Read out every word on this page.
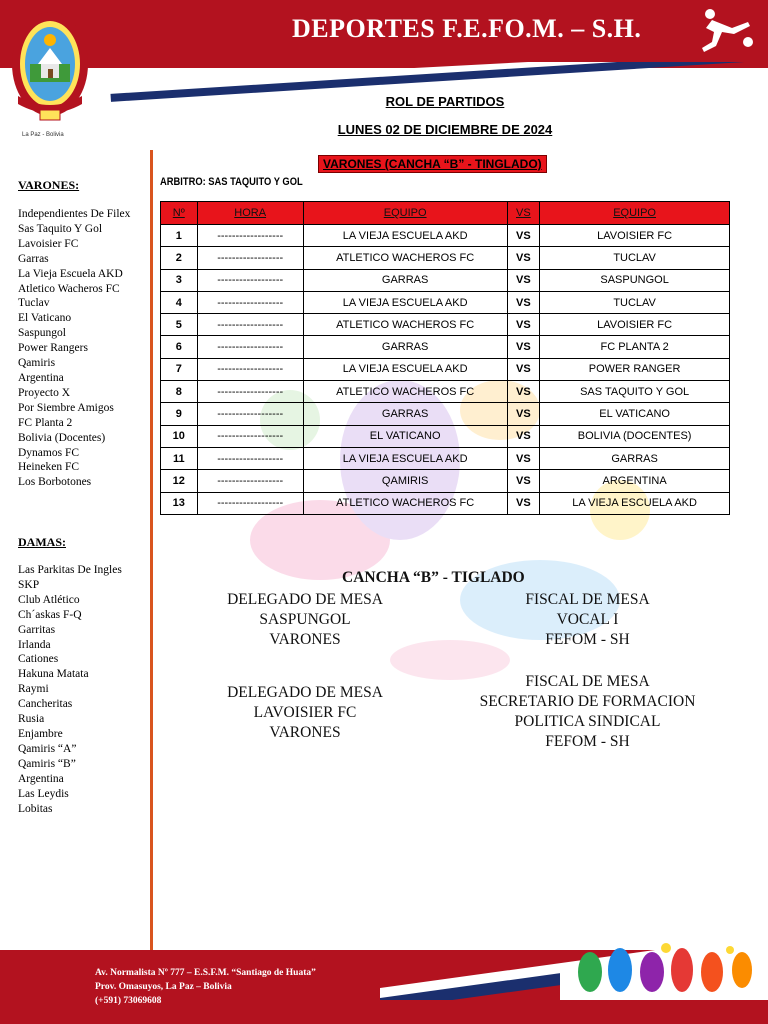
DEPORTES F.E.FO.M. – S.H.
La Paz - Bolivia
ROL DE PARTIDOS
LUNES 02 DE DICIEMBRE DE 2024
VARONES (CANCHA “B” - TINGLADO)
ARBITRO: SAS TAQUITO Y GOL
VARONES:
Independientes De Filex
Sas Taquito Y Gol
Lavoisier FC
Garras
La Vieja Escuela AKD
Atletico Wacheros FC
Tuclav
El Vaticano
Saspungol
Power Rangers
Qamiris
Argentina
Proyecto X
Por Siembre Amigos
FC Planta 2
Bolivia (Docentes)
Dynamos FC
Heineken FC
Los Borbotones
DAMAS:
Las Parkitas De Ingles
SKP
Club Atlético
Ch´askas F-Q
Garritas
Irlanda
Cationes
Hakuna Matata
Raymi
Cancheritas
Rusia
Enjambre
Qamiris “A”
Qamiris “B”
Argentina
Las Leydis
Lobitas
Nº	HORA	EQUIPO	VS	EQUIPO
1	------------------	LA VIEJA ESCUELA AKD	VS	LAVOISIER FC
2	------------------	ATLETICO WACHEROS FC	VS	TUCLAV
3	------------------	GARRAS	VS	SASPUNGOL
4	------------------	LA VIEJA ESCUELA AKD	VS	TUCLAV
5	------------------	ATLETICO WACHEROS FC	VS	LAVOISIER FC
6	------------------	GARRAS	VS	FC PLANTA 2
7	------------------	LA VIEJA ESCUELA AKD	VS	POWER RANGER
8	------------------	ATLETICO WACHEROS FC	VS	SAS TAQUITO Y GOL
9	------------------	GARRAS	VS	EL VATICANO
10	------------------	EL VATICANO	VS	BOLIVIA (DOCENTES)
11	------------------	LA VIEJA ESCUELA AKD	VS	GARRAS
12	------------------	QAMIRIS	VS	ARGENTINA
13	------------------	ATLETICO WACHEROS FC	VS	LA VIEJA ESCUELA AKD
CANCHA “B” - TIGLADO
DELEGADO DE MESA
SASPUNGOL
VARONES
FISCAL DE MESA
VOCAL I
FEFOM - SH
DELEGADO DE MESA
LAVOISIER FC
VARONES
FISCAL DE MESA
SECRETARIO DE FORMACION
POLITICA SINDICAL
FEFOM - SH
Av. Normalista Nº 777 – E.S.F.M. “Santiago de Huata”
Prov. Omasuyos, La Paz – Bolivia
(+591) 73069608
